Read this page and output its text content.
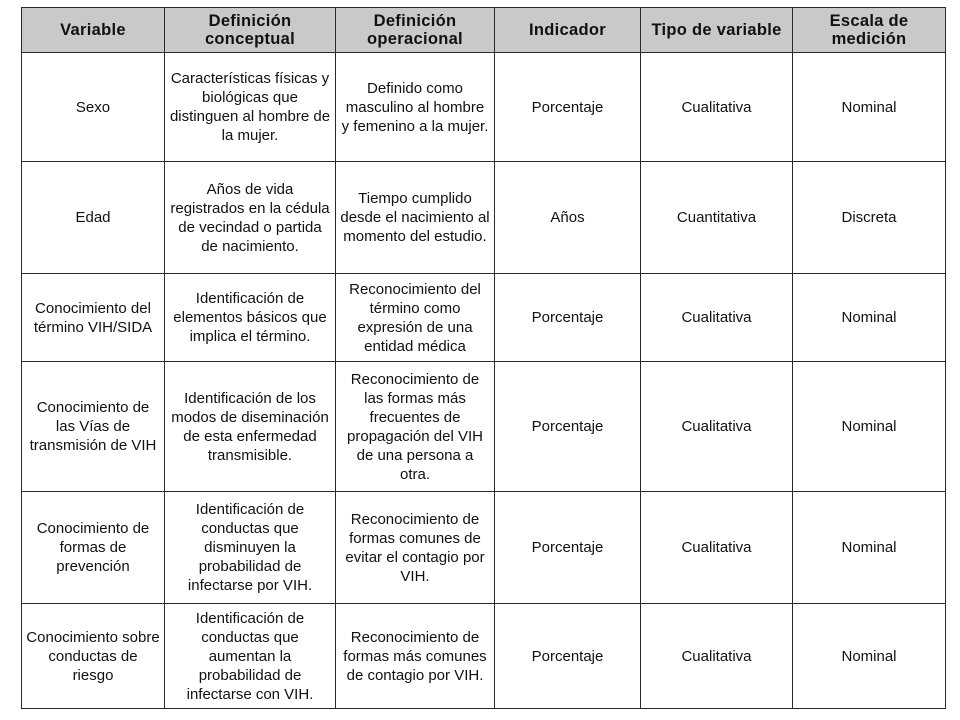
Variable	Definición conceptual	Definición operacional	Indicador	Tipo de variable	Escala de medición
Sexo	Características físicas y biológicas que distinguen al hombre de la mujer.	Definido como masculino al hombre y femenino a la mujer.	Porcentaje	Cualitativa	Nominal
Edad	Años de vida registrados en la cédula de vecindad o partida de nacimiento.	Tiempo cumplido desde el nacimiento al momento del estudio.	Años	Cuantitativa	Discreta
Conocimiento del término VIH/SIDA	Identificación de elementos básicos que implica el término.	Reconocimiento del término como expresión de una entidad médica	Porcentaje	Cualitativa	Nominal
Conocimiento de las Vías de transmisión de VIH	Identificación de los modos de diseminación de esta enfermedad transmisible.	Reconocimiento de las formas más frecuentes de propagación del VIH de una persona a otra.	Porcentaje	Cualitativa	Nominal
Conocimiento de formas de prevención	Identificación de conductas que disminuyen la probabilidad de infectarse por VIH.	Reconocimiento de formas comunes de evitar el contagio por VIH.	Porcentaje	Cualitativa	Nominal
Conocimiento sobre conductas de riesgo	Identificación de conductas que aumentan la probabilidad de infectarse con VIH.	Reconocimiento de formas más comunes de contagio por VIH.	Porcentaje	Cualitativa	Nominal
